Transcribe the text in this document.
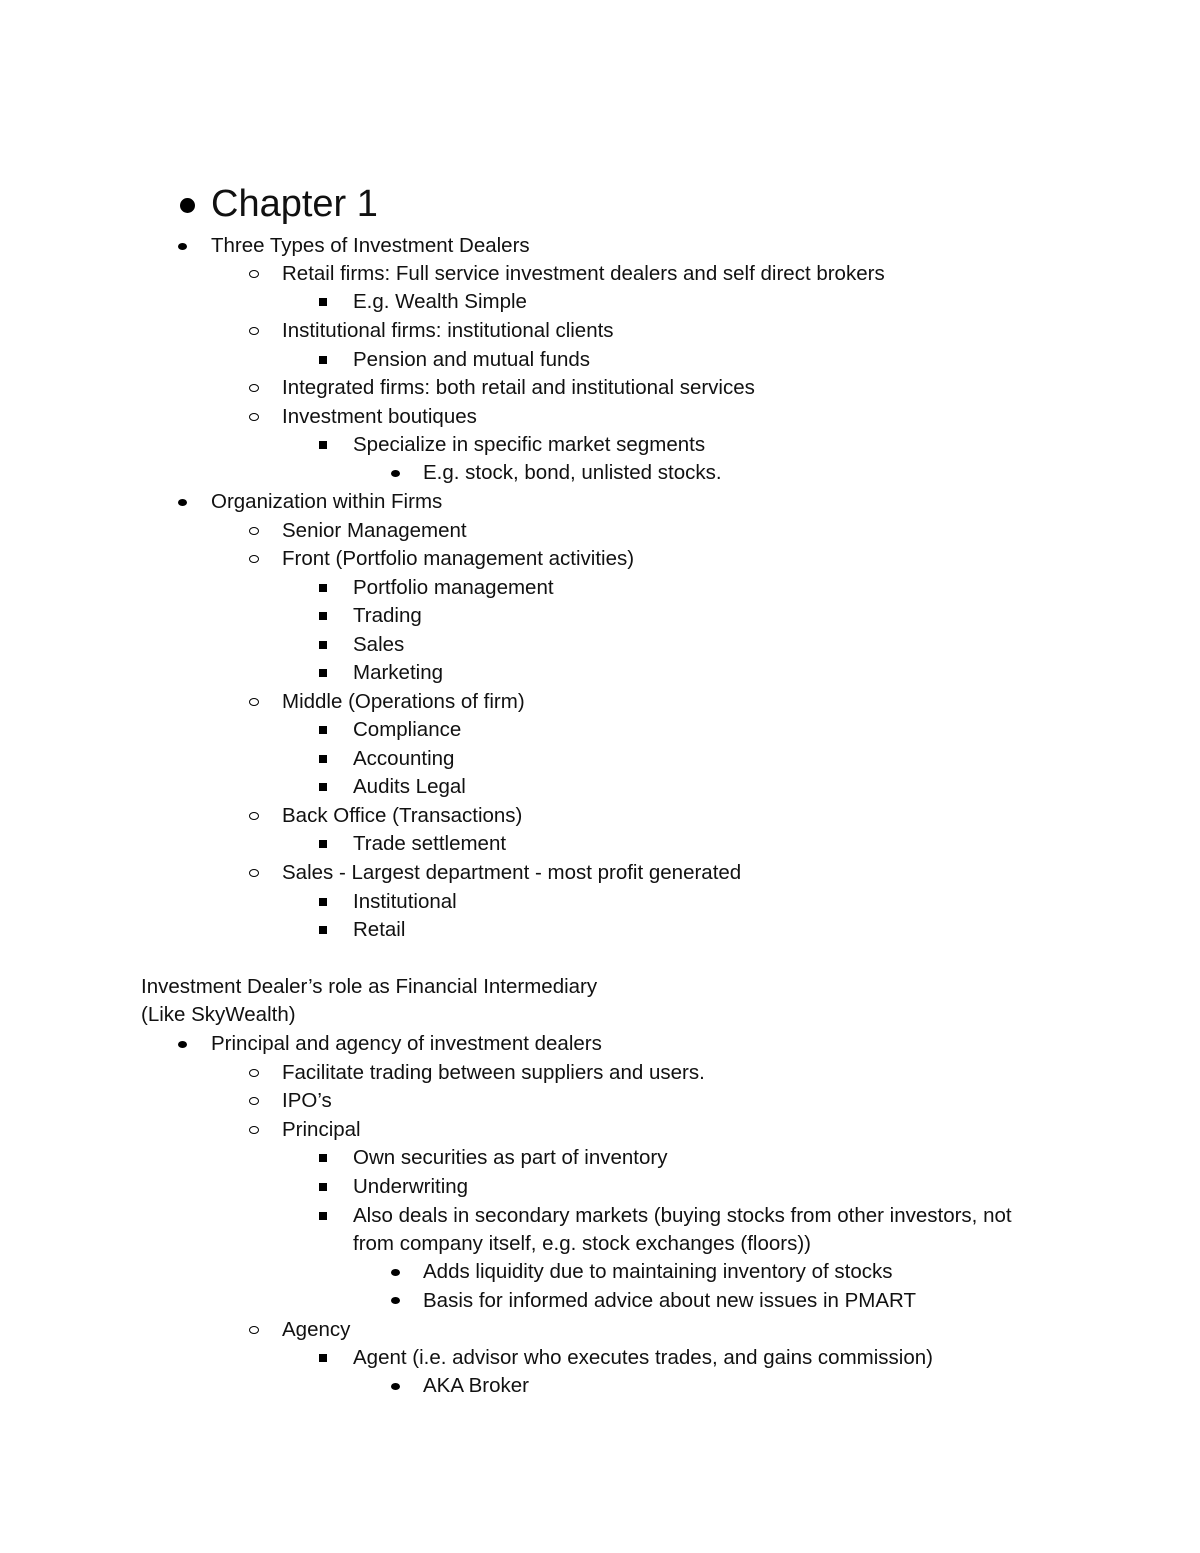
Chapter 1
Three Types of Investment Dealers
Retail firms: Full service investment dealers and self direct brokers
E.g. Wealth Simple
Institutional firms: institutional clients
Pension and mutual funds
Integrated firms: both retail and institutional services
Investment boutiques
Specialize in specific market segments
E.g. stock, bond, unlisted stocks.
Organization within Firms
Senior Management
Front (Portfolio management activities)
Portfolio management
Trading
Sales
Marketing
Middle (Operations of firm)
Compliance
Accounting
Audits Legal
Back Office (Transactions)
Trade settlement
Sales - Largest department - most profit generated
Institutional
Retail
Investment Dealer’s role as Financial Intermediary
(Like SkyWealth)
Principal and agency of investment dealers
Facilitate trading between suppliers and users.
IPO’s
Principal
Own securities as part of inventory
Underwriting
Also deals in secondary markets (buying stocks from other investors, not from company itself, e.g. stock exchanges (floors))
Adds liquidity due to maintaining inventory of stocks
Basis for informed advice about new issues in PMART
Agency
Agent (i.e. advisor who executes trades, and gains commission)
AKA Broker
